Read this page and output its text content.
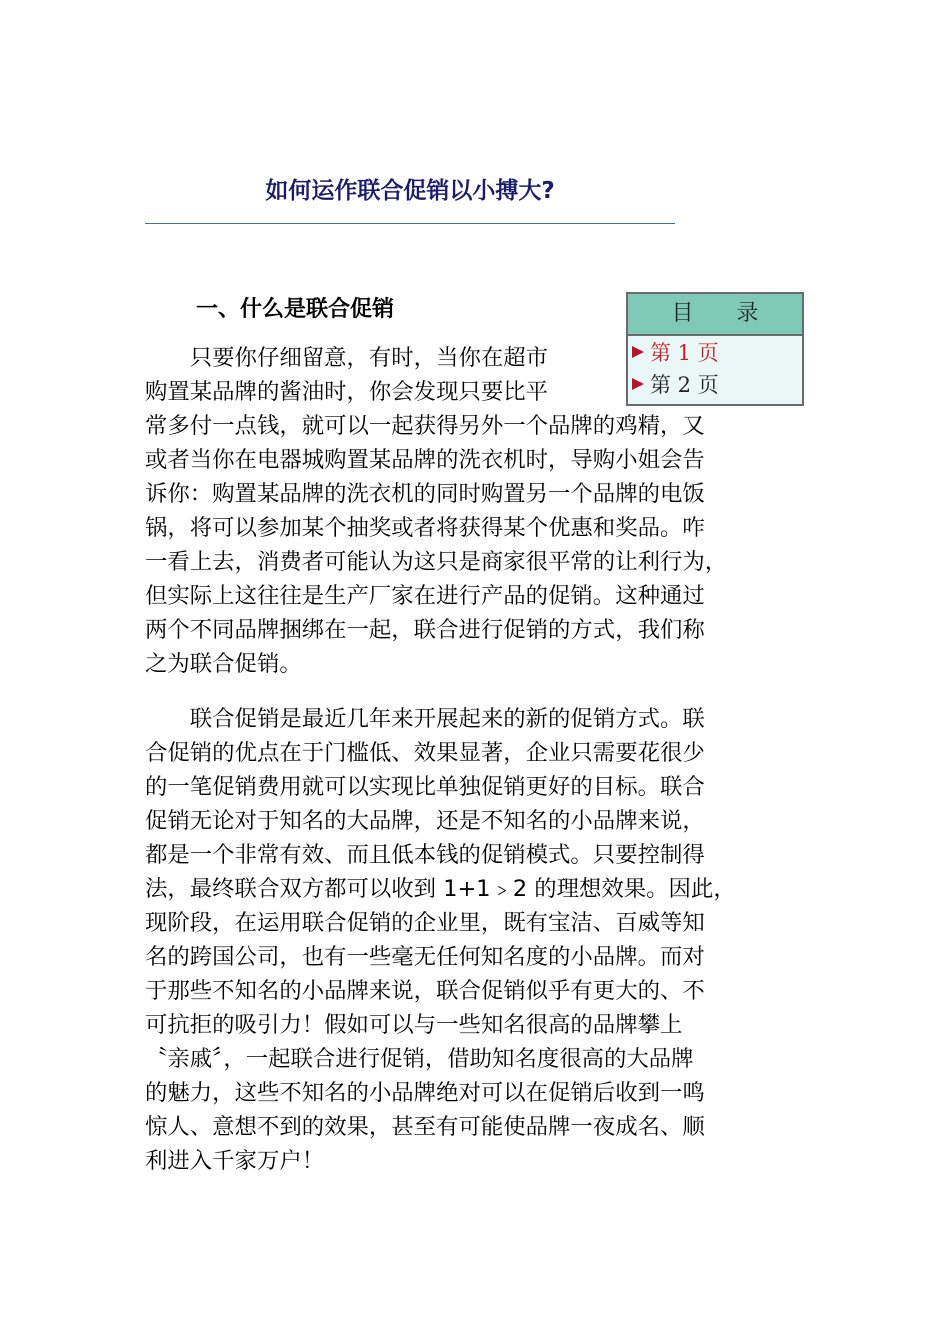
如何运作联合促销以小搏大?
一、什么是联合促销	目 录
第 1 页
第 2 页
　　只要你仔细留意，有时，当你在超市
购置某品牌的酱油时，你会发现只要比平
常多付一点钱，就可以一起获得另外一个品牌的鸡精，又
或者当你在电器城购置某品牌的洗衣机时，导购小姐会告
诉你：购置某品牌的洗衣机的同时购置另一个品牌的电饭
锅，将可以参加某个抽奖或者将获得某个优惠和奖品。咋
一看上去，消费者可能认为这只是商家很平常的让利行为，
但实际上这往往是生产厂家在进行产品的促销。这种通过
两个不同品牌捆绑在一起，联合进行促销的方式，我们称
之为联合促销。
　　联合促销是最近几年来开展起来的新的促销方式。联
合促销的优点在于门槛低、效果显著，企业只需要花很少
的一笔促销费用就可以实现比单独促销更好的目标。联合
促销无论对于知名的大品牌，还是不知名的小品牌来说，
都是一个非常有效、而且低本钱的促销模式。只要控制得
法，最终联合双方都可以收到 1+1﹥2 的理想效果。因此，
现阶段，在运用联合促销的企业里，既有宝洁、百威等知
名的跨国公司，也有一些毫无任何知名度的小品牌。而对
于那些不知名的小品牌来说，联合促销似乎有更大的、不
可抗拒的吸引力！假如可以与一些知名很高的品牌攀上
〝亲戚〞，一起联合进行促销，借助知名度很高的大品牌
的魅力，这些不知名的小品牌绝对可以在促销后收到一鸣
惊人、意想不到的效果，甚至有可能使品牌一夜成名、顺
利进入千家万户！
